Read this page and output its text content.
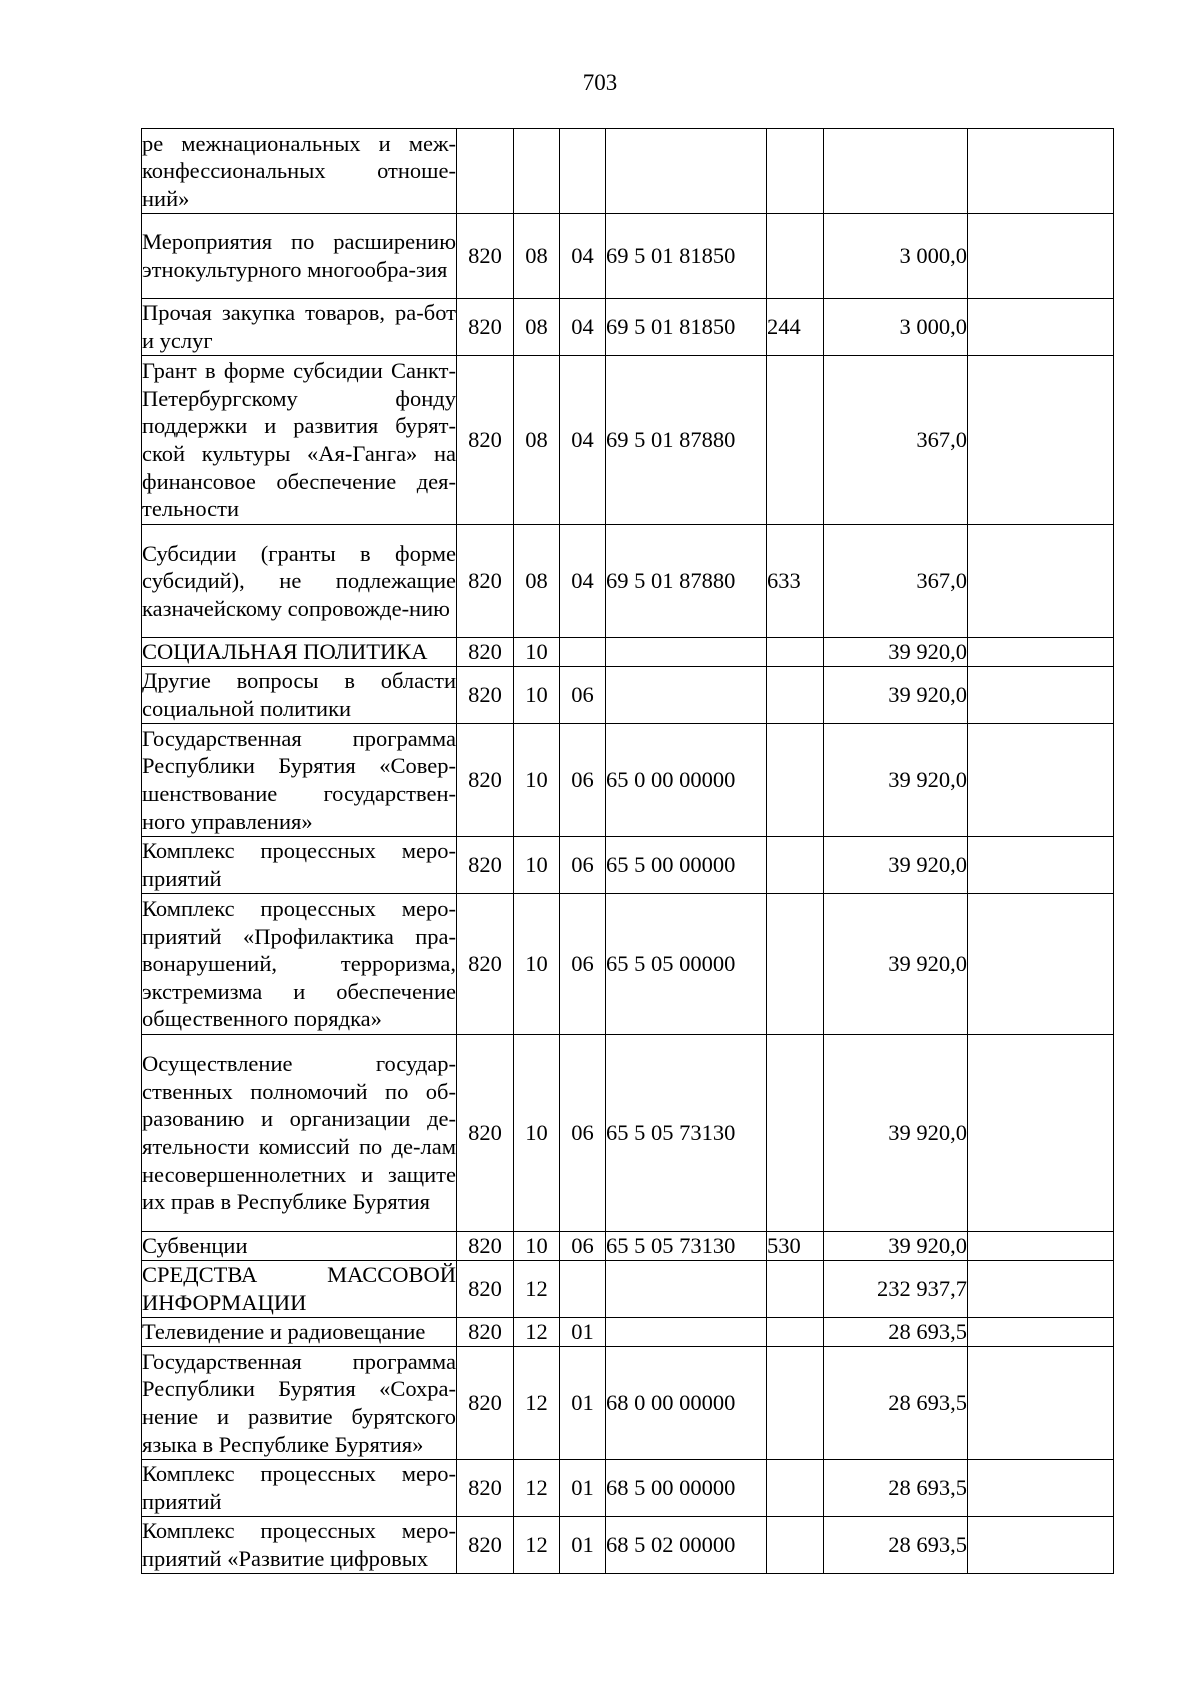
703
ре межнациональных и меж-конфессиональных отноше-ний»							
Мероприятия по расширению этнокультурного многообра-зия	820	08	04	69 5 01 81850		3 000,0	
Прочая закупка товаров, ра-бот и услуг	820	08	04	69 5 01 81850	244	3 000,0	
Грант в форме субсидии Санкт-Петербургскому фонду поддержки и развития бурят-ской культуры «Ая-Ганга» на финансовое обеспечение дея-тельности	820	08	04	69 5 01 87880		367,0	
Субсидии (гранты в форме субсидий), не подлежащие казначейскому сопровожде-нию	820	08	04	69 5 01 87880	633	367,0	
СОЦИАЛЬНАЯ ПОЛИТИКА	820	10				39 920,0	
Другие вопросы в области социальной политики	820	10	06			39 920,0	
Государственная программа Республики Бурятия «Совер-шенствование государствен-ного управления»	820	10	06	65 0 00 00000		39 920,0	
Комплекс процессных меро-приятий	820	10	06	65 5 00 00000		39 920,0	
Комплекс процессных меро-приятий «Профилактика пра-вонарушений, терроризма, экстремизма и обеспечение общественного порядка»	820	10	06	65 5 05 00000		39 920,0	
Осуществление государ-ственных полномочий по об-разованию и организации де-ятельности комиссий по де-лам несовершеннолетних и защите их прав в Республике Бурятия	820	10	06	65 5 05 73130		39 920,0	
Субвенции	820	10	06	65 5 05 73130	530	39 920,0	
СРЕДСТВА МАССОВОЙ ИНФОРМАЦИИ	820	12				232 937,7	
Телевидение и радиовещание	820	12	01			28 693,5	
Государственная программа Республики Бурятия «Сохра-нение и развитие бурятского языка в Республике Бурятия»	820	12	01	68 0 00 00000		28 693,5	
Комплекс процессных меро-приятий	820	12	01	68 5 00 00000		28 693,5	
Комплекс процессных меро-приятий «Развитие цифровых	820	12	01	68 5 02 00000		28 693,5	
